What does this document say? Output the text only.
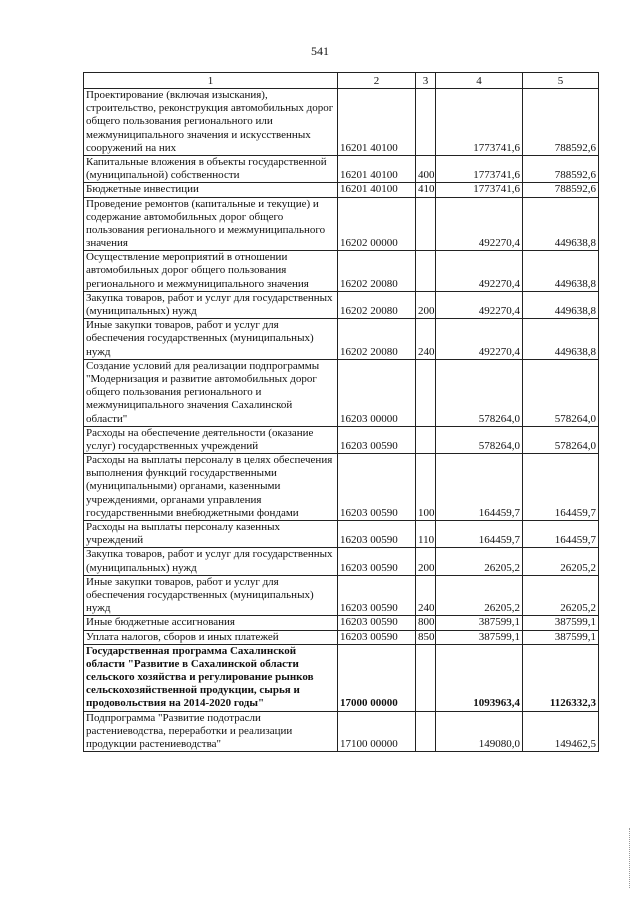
541
1	2	3	4	5
Проектирование (включая изыскания), строительство, реконструкция автомобильных дорог общего пользования регионального или межмуниципального значения и искусственных сооружений на них	16201 40100		1773741,6	788592,6
Капитальные вложения в объекты государственной (муниципальной) собственности	16201 40100	400	1773741,6	788592,6
Бюджетные инвестиции	16201 40100	410	1773741,6	788592,6
Проведение ремонтов (капитальные и текущие) и содержание автомобильных дорог общего пользования регионального и межмуниципального значения	16202 00000		492270,4	449638,8
Осуществление мероприятий в отношении автомобильных дорог общего пользования регионального и межмуниципального значения	16202 20080		492270,4	449638,8
Закупка товаров, работ и услуг для государственных (муниципальных) нужд	16202 20080	200	492270,4	449638,8
Иные закупки товаров, работ и услуг для обеспечения государственных (муниципальных) нужд	16202 20080	240	492270,4	449638,8
Создание условий для реализации подпрограммы "Модернизация и развитие автомобильных дорог общего пользования регионального и межмуниципального значения Сахалинской области"	16203 00000		578264,0	578264,0
Расходы на обеспечение деятельности (оказание услуг) государственных учреждений	16203 00590		578264,0	578264,0
Расходы на выплаты персоналу в целях обеспечения выполнения функций государственными (муниципальными) органами, казенными учреждениями, органами управления государственными внебюджетными фондами	16203 00590	100	164459,7	164459,7
Расходы на выплаты персоналу казенных учреждений	16203 00590	110	164459,7	164459,7
Закупка товаров, работ и услуг для государственных (муниципальных) нужд	16203 00590	200	26205,2	26205,2
Иные закупки товаров, работ и услуг для обеспечения государственных (муниципальных) нужд	16203 00590	240	26205,2	26205,2
Иные бюджетные ассигнования	16203 00590	800	387599,1	387599,1
Уплата налогов, сборов и иных платежей	16203 00590	850	387599,1	387599,1
Государственная программа Сахалинской области "Развитие в Сахалинской области сельского хозяйства и регулирование рынков сельскохозяйственной продукции, сырья и продовольствия на 2014-2020 годы"	17000 00000		1093963,4	1126332,3
Подпрограмма "Развитие подотрасли растениеводства, переработки и реализации продукции растениеводства"	17100 00000		149080,0	149462,5
